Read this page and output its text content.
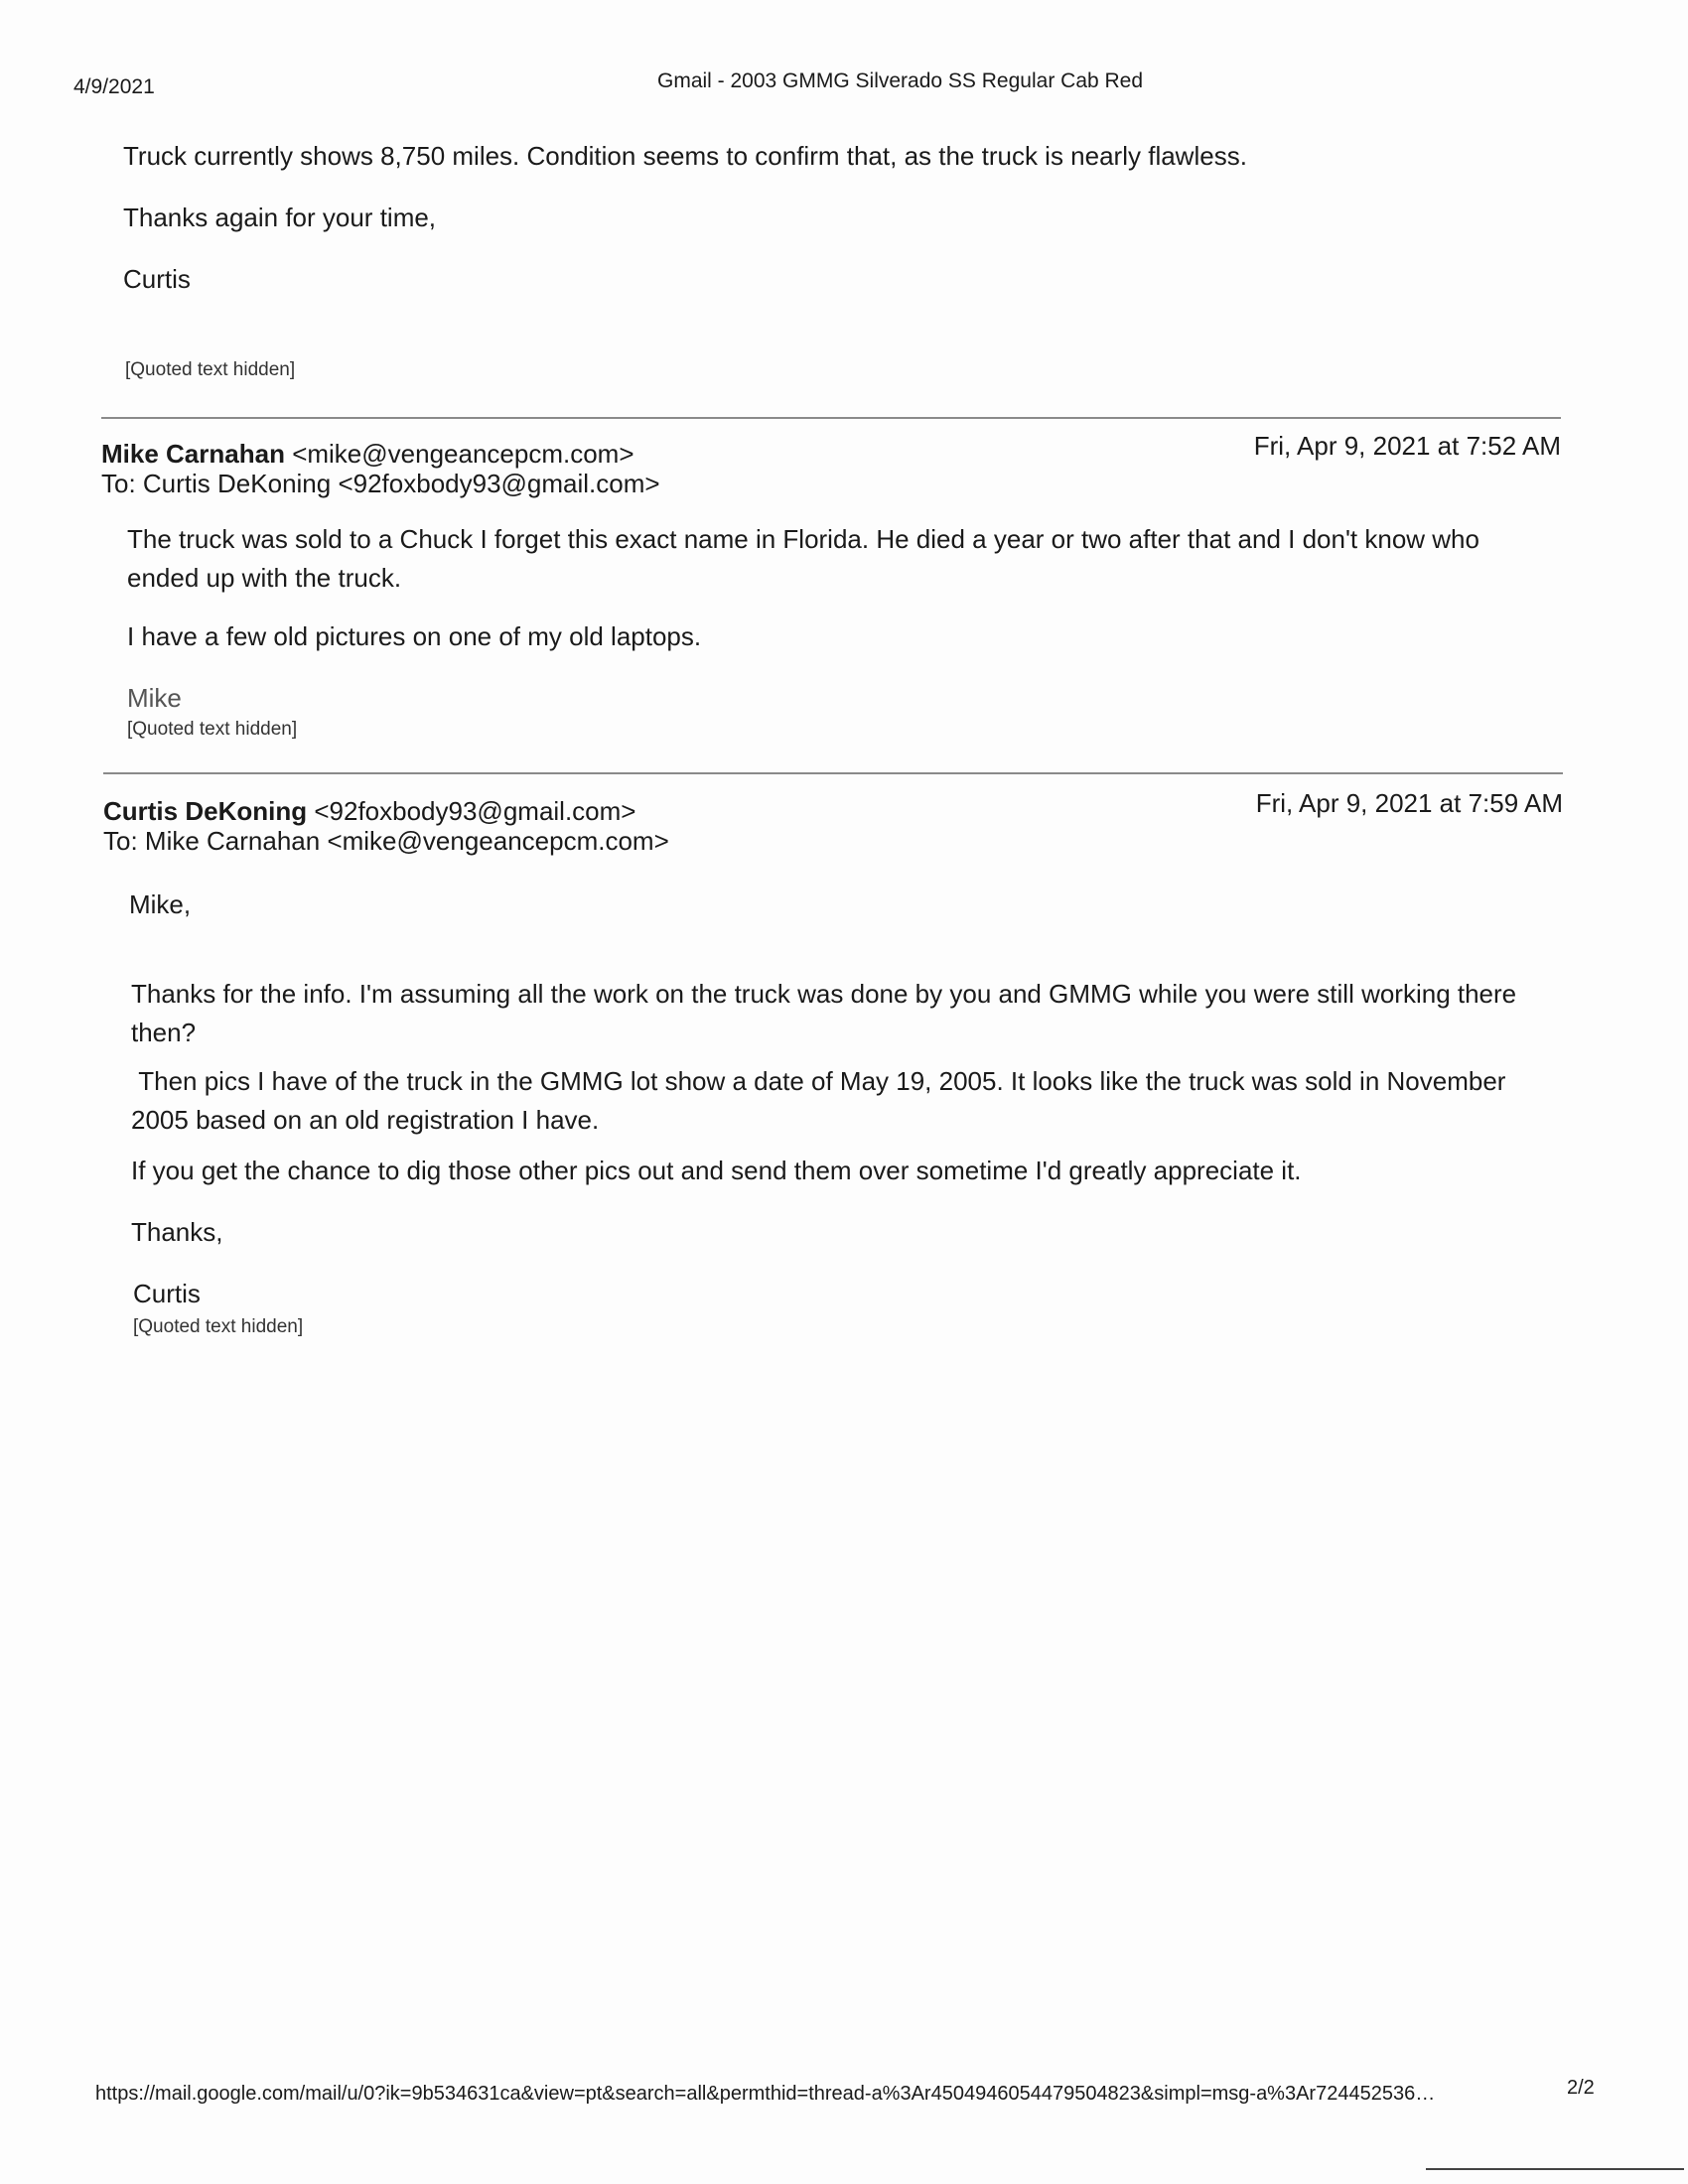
4/9/2021	Gmail - 2003 GMMG Silverado SS Regular Cab Red

Truck currently shows 8,750 miles. Condition seems to confirm that, as the truck is nearly flawless.

Thanks again for your time,

Curtis

[Quoted text hidden]
Mike Carnahan <mike@vengeancepcm.com>	Fri, Apr 9, 2021 at 7:52 AM
To: Curtis DeKoning <92foxbody93@gmail.com>

The truck was sold to a Chuck I forget this exact name in Florida. He died a year or two after that and I don't know who ended up with the truck.

I have a few old pictures on one of my old laptops.

Mike

[Quoted text hidden]
Curtis DeKoning <92foxbody93@gmail.com>	Fri, Apr 9, 2021 at 7:59 AM
To: Mike Carnahan <mike@vengeancepcm.com>

Mike,

Thanks for the info. I'm assuming all the work on the truck was done by you and GMMG while you were still working there then?

Then pics I have of the truck in the GMMG lot show a date of May 19, 2005. It looks like the truck was sold in November 2005 based on an old registration I have.

If you get the chance to dig those other pics out and send them over sometime I'd greatly appreciate it.

Thanks,

Curtis

[Quoted text hidden]
https://mail.google.com/mail/u/0?ik=9b534631ca&view=pt&search=all&permthid=thread-a%3Ar4504946054479504823&simpl=msg-a%3Ar724452536…	2/2
